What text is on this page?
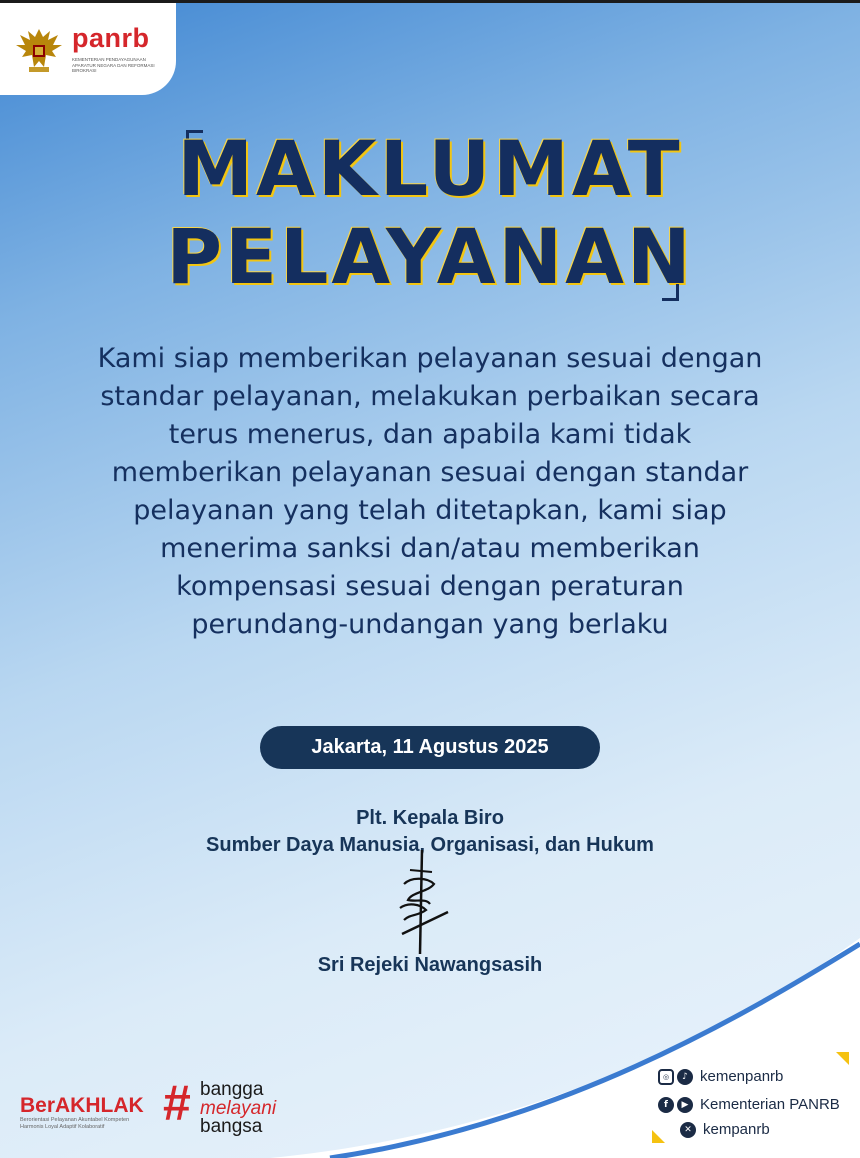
panrb
KEMENTERIAN PENDAYAGUNAAN APARATUR NEGARA DAN REFORMASI BIROKRASI
MAKLUMAT
PELAYANAN
Kami siap memberikan pelayanan sesuai dengan
standar pelayanan, melakukan perbaikan secara
terus menerus, dan apabila kami tidak
memberikan pelayanan sesuai dengan standar
pelayanan yang telah ditetapkan, kami siap
menerima sanksi dan/atau memberikan
kompensasi sesuai dengan peraturan
perundang-undangan yang berlaku
Jakarta, 11 Agustus 2025
Plt. Kepala Biro
Sumber Daya Manusia, Organisasi, dan Hukum
Sri Rejeki Nawangsasih
BerAKHLAK
Berorientasi Pelayanan Akuntabel Kompeten Harmonis Loyal Adaptif Kolaboratif	# bangga
melayani
bangsa
◎	♪ kemenpanrb
f	▶ Kementerian PANRB
✕ kempanrb
